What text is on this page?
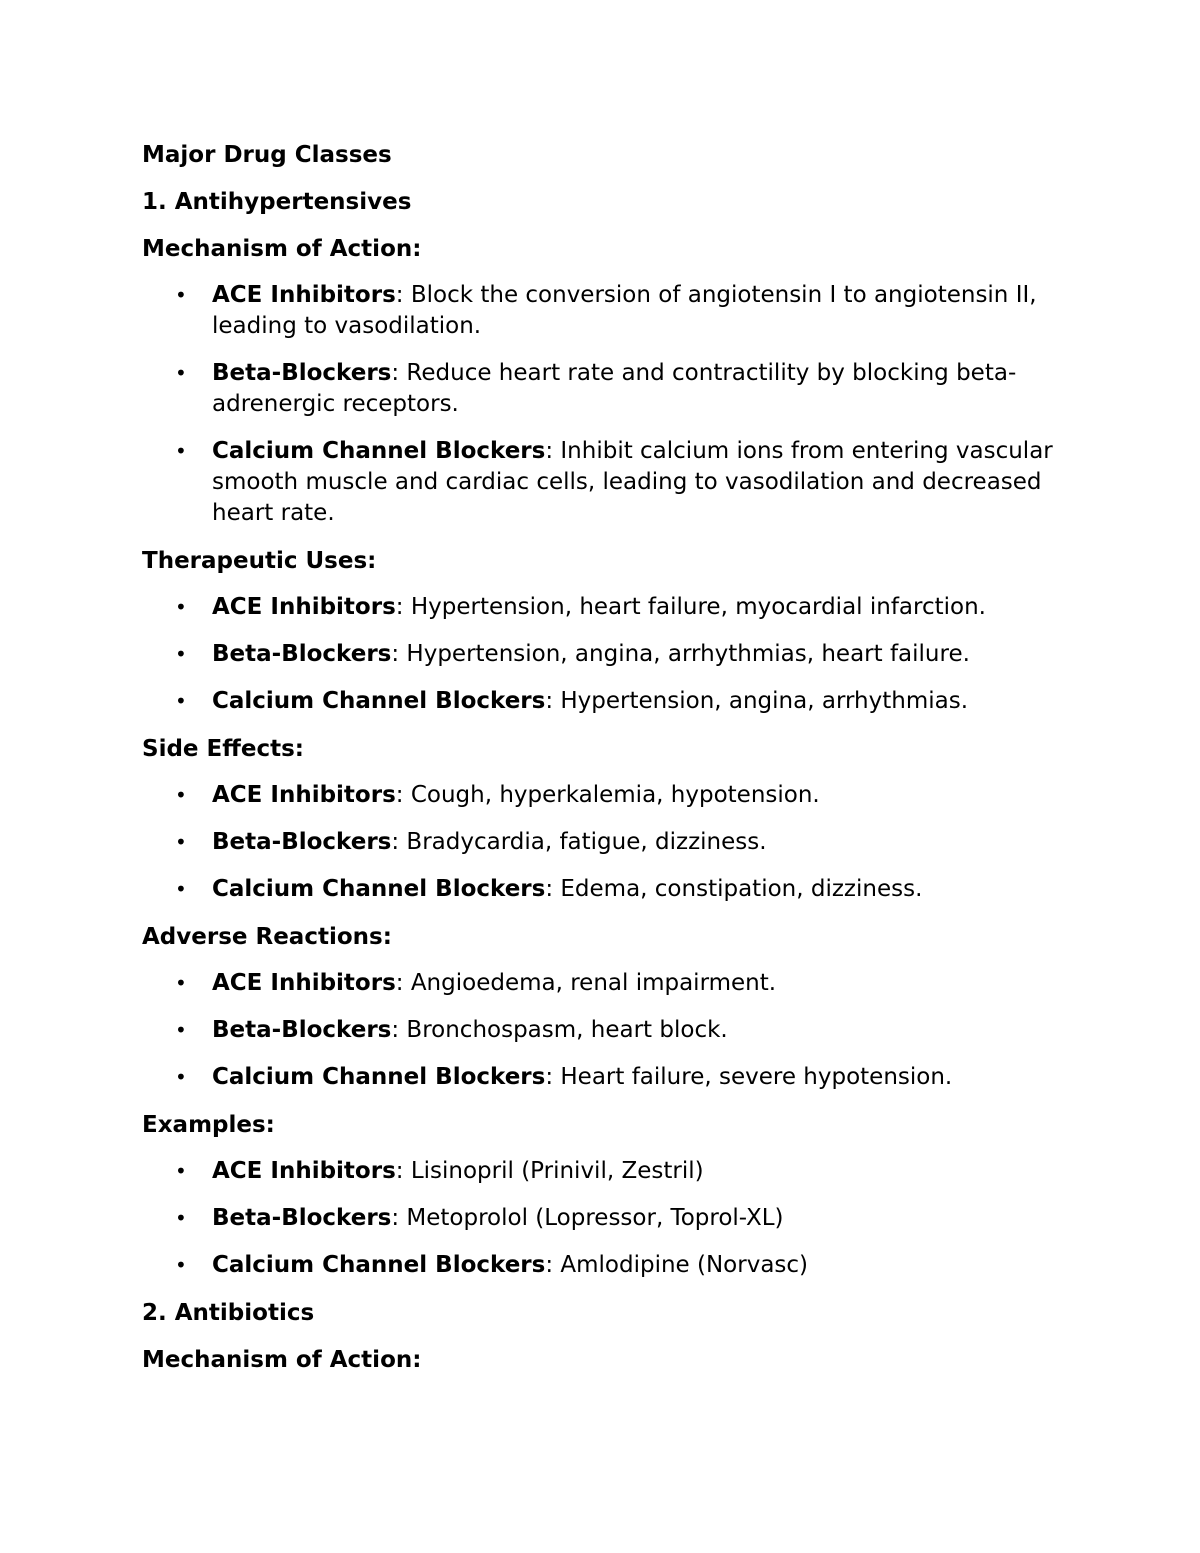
Major Drug Classes
1. Antihypertensives
Mechanism of Action:
• ACE Inhibitors: Block the conversion of angiotensin I to angiotensin II, leading to vasodilation.
• Beta-Blockers: Reduce heart rate and contractility by blocking beta-adrenergic receptors.
• Calcium Channel Blockers: Inhibit calcium ions from entering vascular smooth muscle and cardiac cells, leading to vasodilation and decreased heart rate.
Therapeutic Uses:
• ACE Inhibitors: Hypertension, heart failure, myocardial infarction.
• Beta-Blockers: Hypertension, angina, arrhythmias, heart failure.
• Calcium Channel Blockers: Hypertension, angina, arrhythmias.
Side Effects:
• ACE Inhibitors: Cough, hyperkalemia, hypotension.
• Beta-Blockers: Bradycardia, fatigue, dizziness.
• Calcium Channel Blockers: Edema, constipation, dizziness.
Adverse Reactions:
• ACE Inhibitors: Angioedema, renal impairment.
• Beta-Blockers: Bronchospasm, heart block.
• Calcium Channel Blockers: Heart failure, severe hypotension.
Examples:
• ACE Inhibitors: Lisinopril (Prinivil, Zestril)
• Beta-Blockers: Metoprolol (Lopressor, Toprol-XL)
• Calcium Channel Blockers: Amlodipine (Norvasc)
2. Antibiotics
Mechanism of Action:
